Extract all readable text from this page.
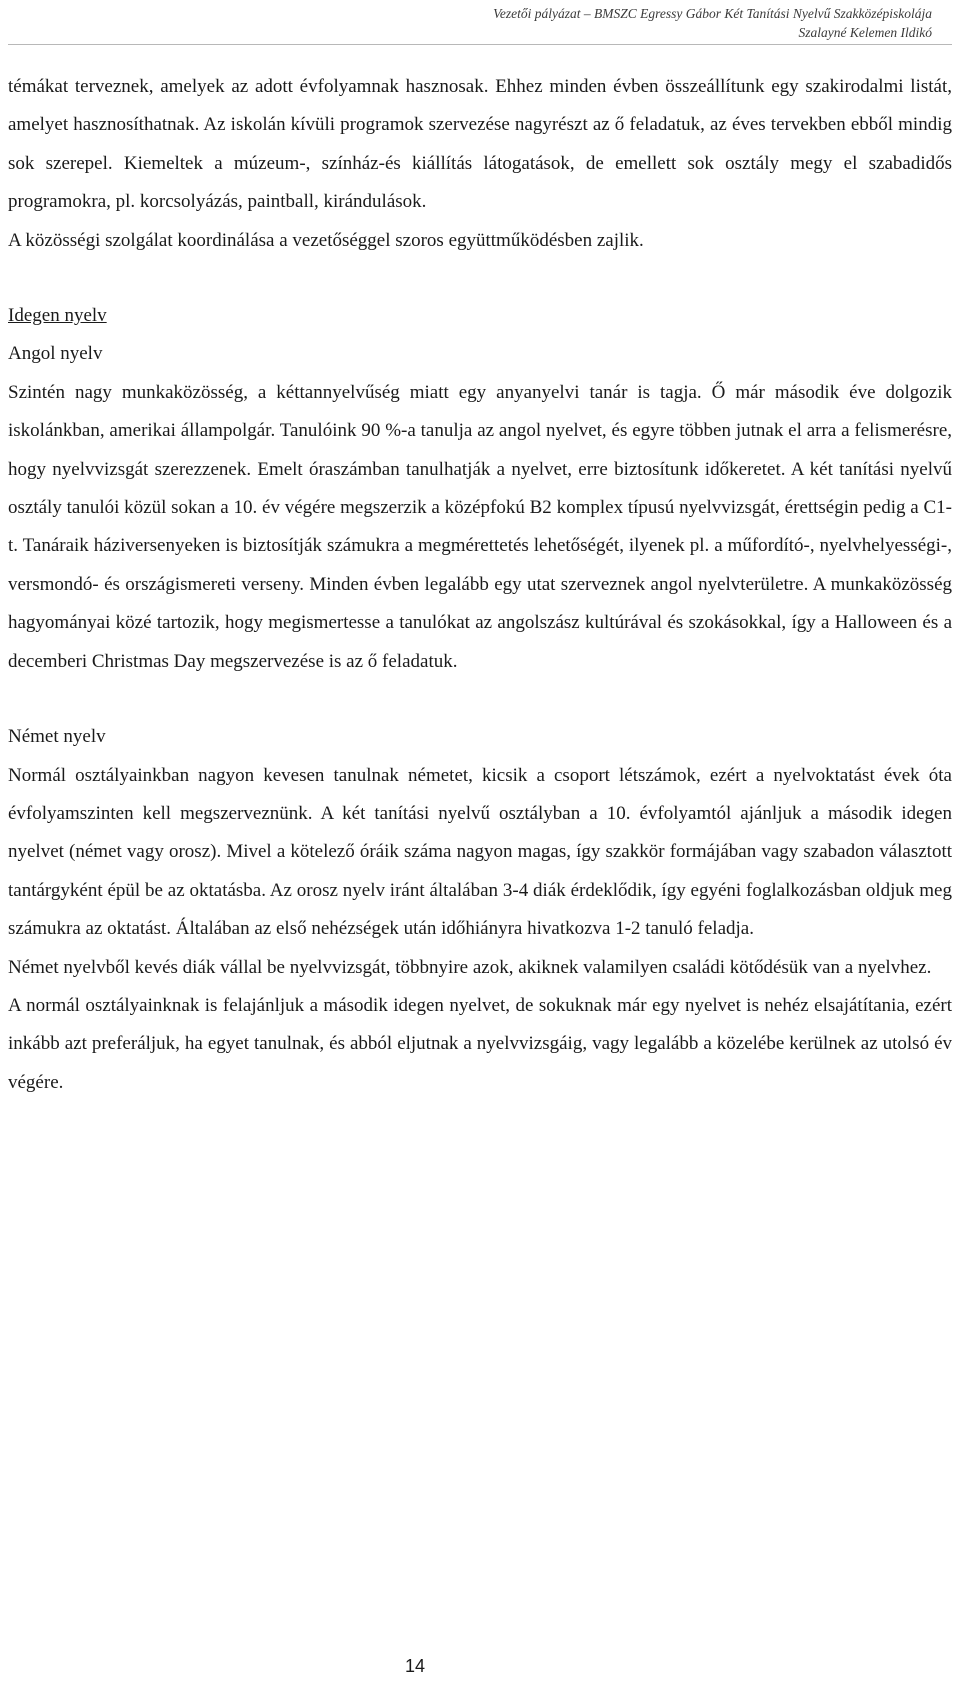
Vezetői pályázat – BMSZC Egressy Gábor Két Tanítási Nyelvű Szakközépiskolája
Szalayné Kelemen Ildikó

témákat terveznek, amelyek az adott évfolyamnak hasznosak. Ehhez minden évben összeállítunk egy szakirodalmi listát, amelyet hasznosíthatnak. Az iskolán kívüli programok szervezése nagyrészt az ő feladatuk, az éves tervekben ebből mindig sok szerepel. Kiemeltek a múzeum-, színház-és kiállítás látogatások, de emellett sok osztály megy el szabadidős programokra, pl. korcsolyázás, paintball, kirándulások.

A közösségi szolgálat koordinálása a vezetőséggel szoros együttműködésben zajlik.

Idegen nyelv

Angol nyelv

Szintén nagy munkaközösség, a kéttannyelvűség miatt egy anyanyelvi tanár is tagja. Ő már második éve dolgozik iskolánkban, amerikai állampolgár. Tanulóink 90 %-a tanulja az angol nyelvet, és egyre többen jutnak el arra a felismerésre, hogy nyelvvizsgát szerezzenek. Emelt óraszámban tanulhatják a nyelvet, erre biztosítunk időkeretet. A két tanítási nyelvű osztály tanulói közül sokan a 10. év végére megszerzik a középfokú B2 komplex típusú nyelvvizsgát, érettségin pedig a C1-t. Tanáraik háziversenyeken is biztosítják számukra a megmérettetés lehetőségét, ilyenek pl. a műfordító-, nyelvhelyességi-, versmondó- és országismereti verseny. Minden évben legalább egy utat szerveznek angol nyelvterületre. A munkaközösség hagyományai közé tartozik, hogy megismertesse a tanulókat az angolszász kultúrával és szokásokkal, így a Halloween és a decemberi Christmas Day megszervezése is az ő feladatuk.

Német nyelv

Normál osztályainkban nagyon kevesen tanulnak németet, kicsik a csoport létszámok, ezért a nyelvoktatást évek óta évfolyamszinten kell megszerveznünk. A két tanítási nyelvű osztályban a 10. évfolyamtól ajánljuk a második idegen nyelvet (német vagy orosz). Mivel a kötelező óráik száma nagyon magas, így szakkör formájában vagy szabadon választott tantárgyként épül be az oktatásba. Az orosz nyelv iránt általában 3-4 diák érdeklődik, így egyéni foglalkozásban oldjuk meg számukra az oktatást. Általában az első nehézségek után időhiányra hivatkozva 1-2 tanuló feladja.

Német nyelvből kevés diák vállal be nyelvvizsgát, többnyire azok, akiknek valamilyen családi kötődésük van a nyelvhez.

A normál osztályainknak is felajánljuk a második idegen nyelvet, de sokuknak már egy nyelvet is nehéz elsajátítania, ezért inkább azt preferáljuk, ha egyet tanulnak, és abból eljutnak a nyelvvizsgáig, vagy legalább a közelébe kerülnek az utolsó év végére.

14
